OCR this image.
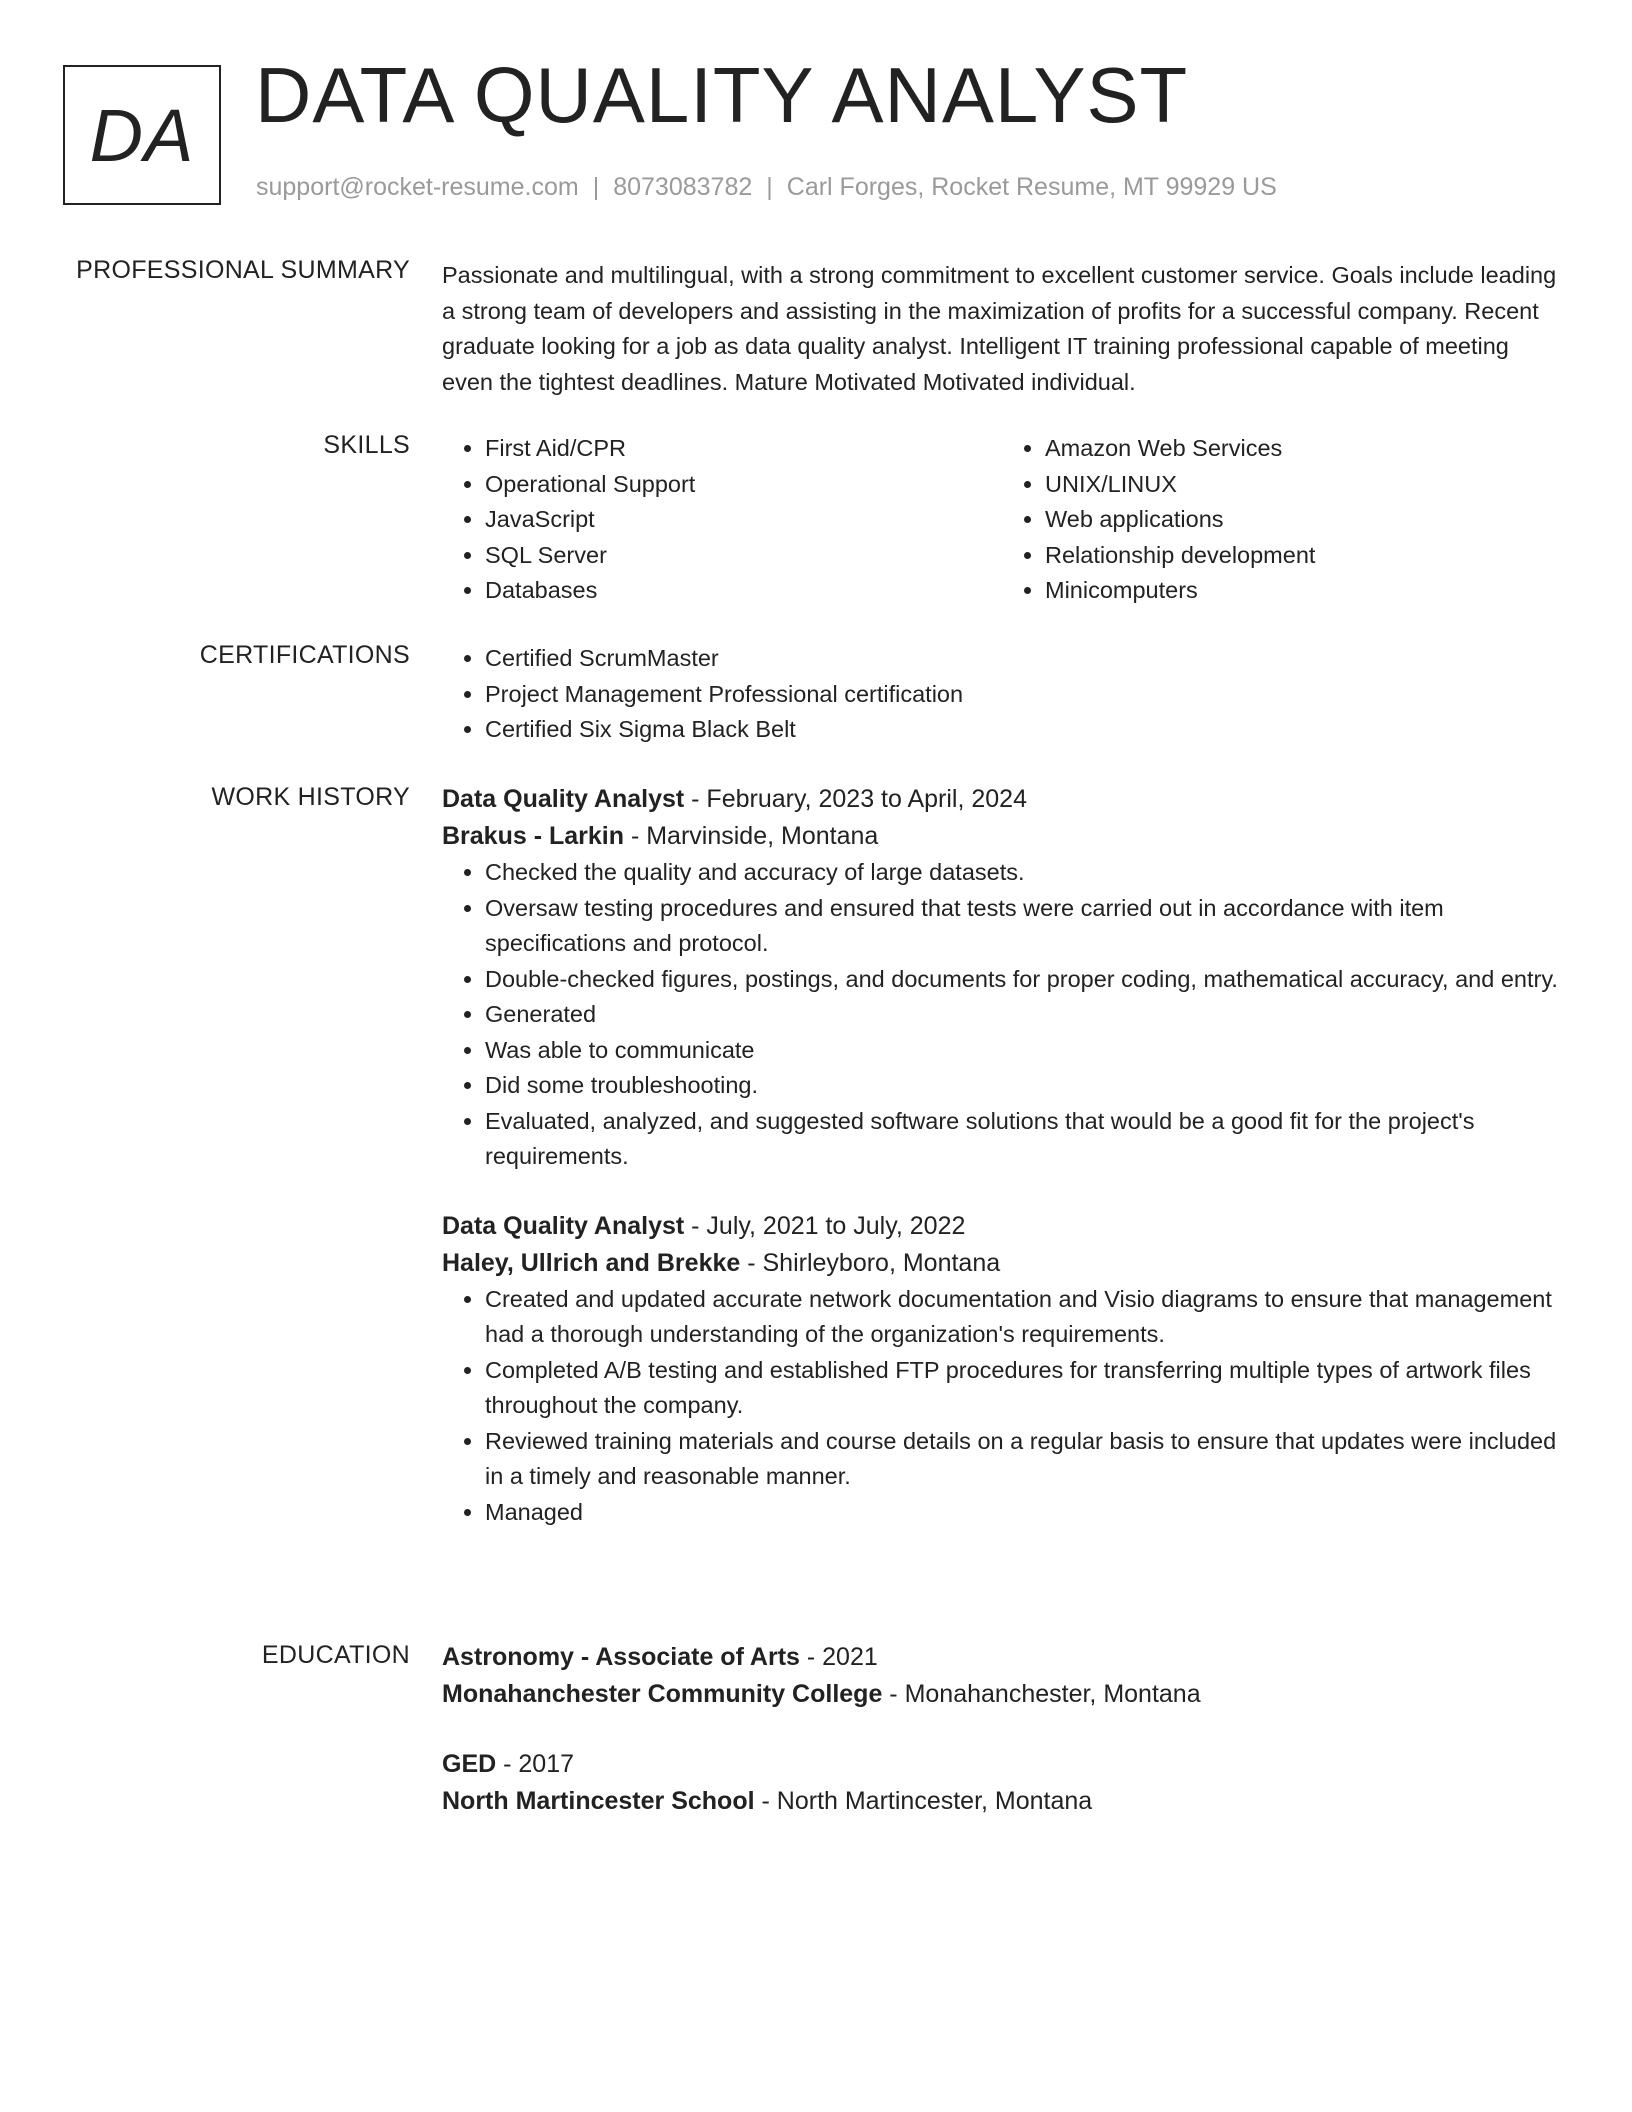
DA DATA QUALITY ANALYST
support@rocket-resume.com | 8073083782 | Carl Forges, Rocket Resume, MT 99929 US
PROFESSIONAL SUMMARY Passionate and multilingual, with a strong commitment to excellent customer service. Goals include leading a strong team of developers and assisting in the maximization of profits for a successful company. Recent graduate looking for a job as data quality analyst. Intelligent IT training professional capable of meeting even the tightest deadlines. Mature Motivated Motivated individual.

SKILLS	• First Aid/CPR
• Operational Support
• JavaScript
• SQL Server
• Databases
• Amazon Web Services
• UNIX/LINUX
• Web applications
• Relationship development
• Minicomputers
CERTIFICATIONS	• Certified ScrumMaster
• Project Management Professional certification
• Certified Six Sigma Black Belt
WORK HISTORY Data Quality Analyst - February, 2023 to April, 2024
Brakus - Larkin - Marvinside, Montana
• Checked the quality and accuracy of large datasets.
• Oversaw testing procedures and ensured that tests were carried out in accordance with item specifications and protocol.
• Double-checked figures, postings, and documents for proper coding, mathematical accuracy, and entry.
• Generated
• Was able to communicate
• Did some troubleshooting.
• Evaluated, analyzed, and suggested software solutions that would be a good fit for the project's requirements.
Data Quality Analyst - July, 2021 to July, 2022
Haley, Ullrich and Brekke - Shirleyboro, Montana
• Created and updated accurate network documentation and Visio diagrams to ensure that management had a thorough understanding of the organization's requirements.
• Completed A/B testing and established FTP procedures for transferring multiple types of artwork files throughout the company.
• Reviewed training materials and course details on a regular basis to ensure that updates were included in a timely and reasonable manner.
• Managed
EDUCATION Astronomy - Associate of Arts - 2021
Monahanchester Community College - Monahanchester, Montana
GED - 2017
North Martincester School - North Martincester, Montana
